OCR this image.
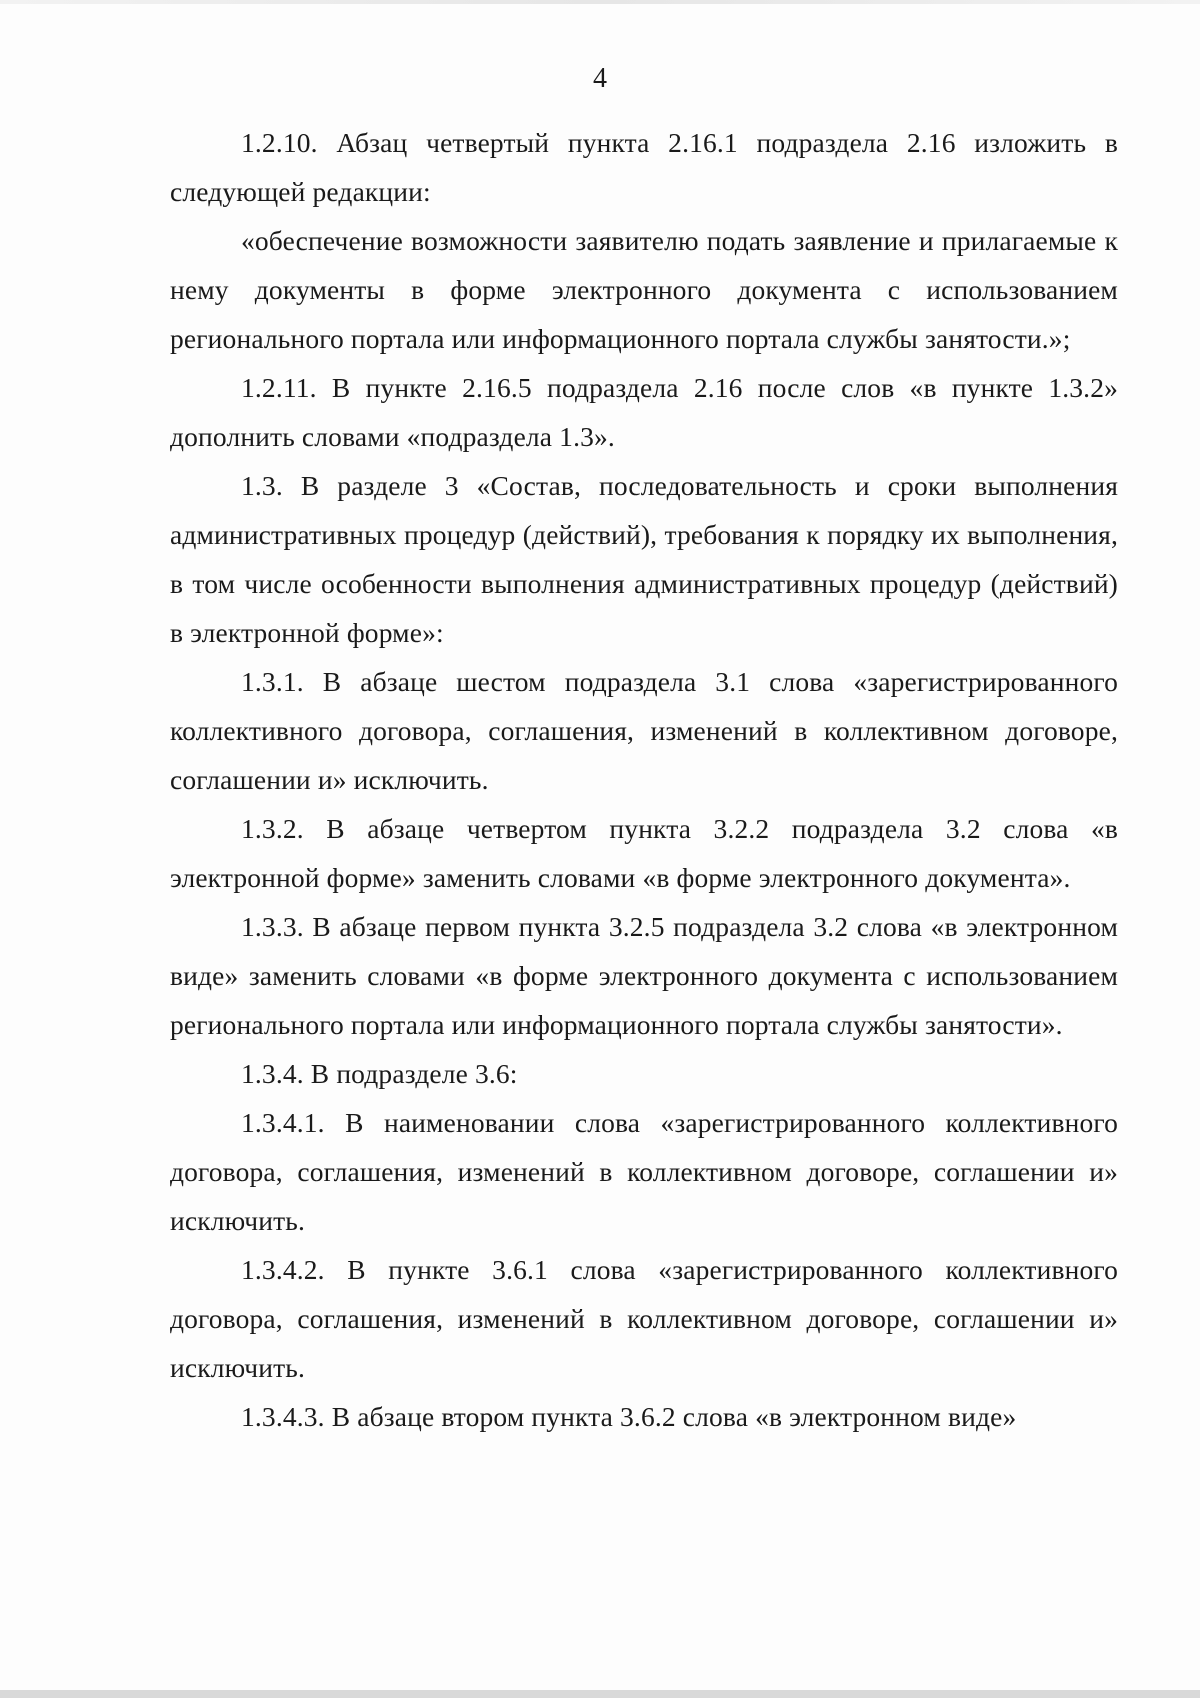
4

1.2.10. Абзац четвертый пункта 2.16.1 подраздела 2.16 изложить в следующей редакции:

«обеспечение возможности заявителю подать заявление и прилагаемые к нему документы в форме электронного документа с использованием регионального портала или информационного портала службы занятости.»;

1.2.11. В пункте 2.16.5 подраздела 2.16 после слов «в пункте 1.3.2» дополнить словами «подраздела 1.3».

1.3. В разделе 3 «Состав, последовательность и сроки выполнения административных процедур (действий), требования к порядку их выполнения, в том числе особенности выполнения административных процедур (действий) в электронной форме»:

1.3.1. В абзаце шестом подраздела 3.1 слова «зарегистрированного коллективного договора, соглашения, изменений в коллективном договоре, соглашении и» исключить.

1.3.2. В абзаце четвертом пункта 3.2.2 подраздела 3.2 слова «в электронной форме» заменить словами «в форме электронного документа».

1.3.3. В абзаце первом пункта 3.2.5 подраздела 3.2 слова «в электронном виде» заменить словами «в форме электронного документа с использованием регионального портала или информационного портала службы занятости».

1.3.4. В подразделе 3.6:

1.3.4.1. В наименовании слова «зарегистрированного коллективного договора, соглашения, изменений в коллективном договоре, соглашении и» исключить.

1.3.4.2. В пункте 3.6.1 слова «зарегистрированного коллективного договора, соглашения, изменений в коллективном договоре, соглашении и» исключить.

1.3.4.3. В абзаце втором пункта 3.6.2 слова «в электронном виде»
